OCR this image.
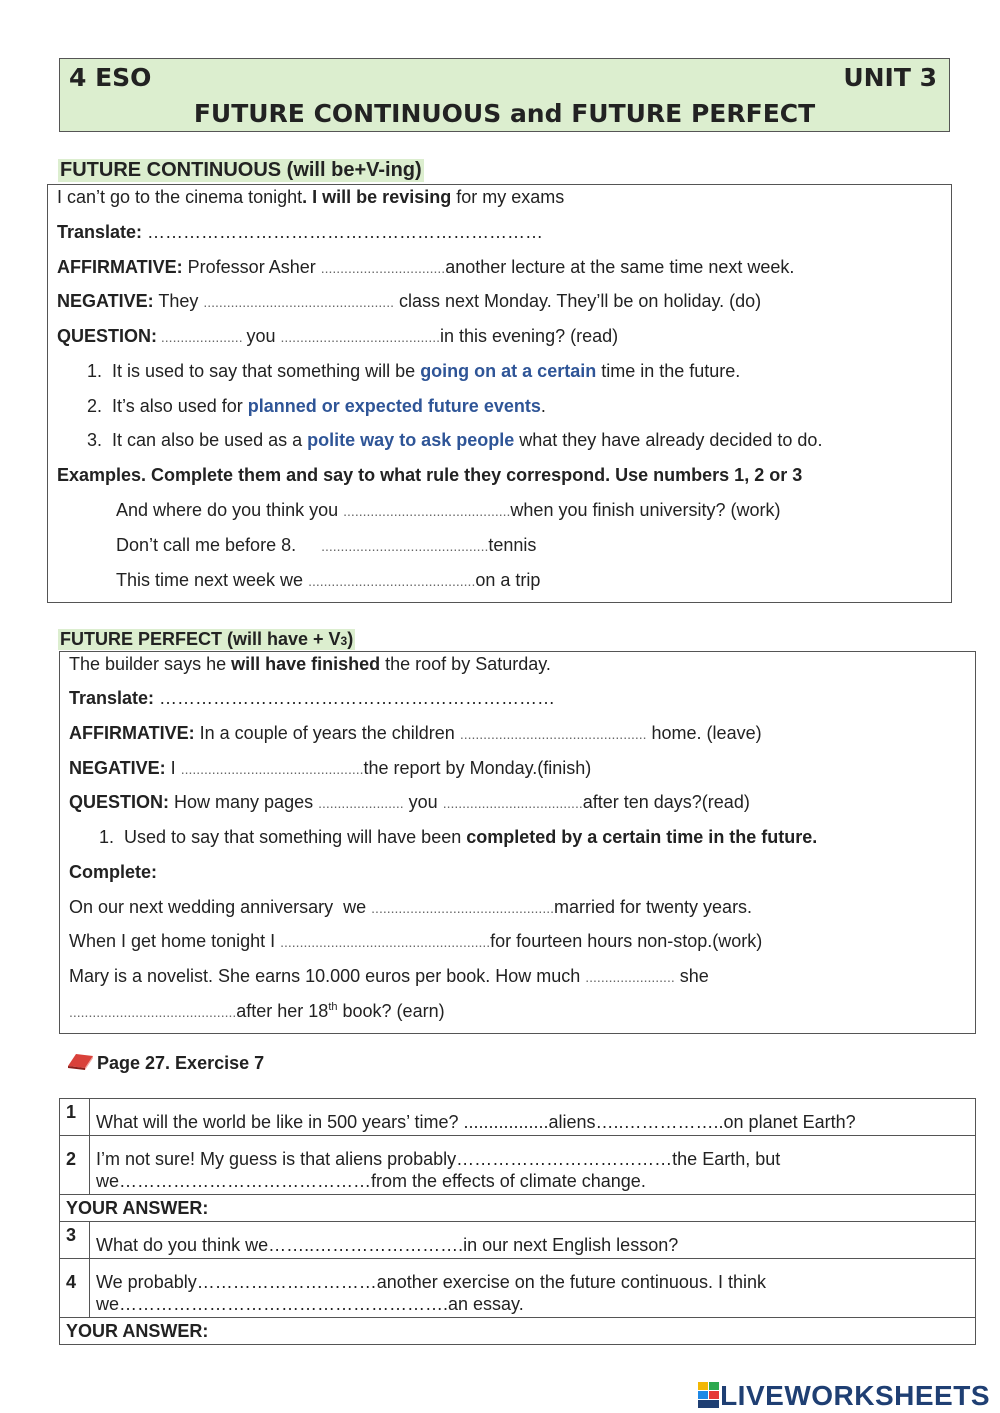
4 ESO	UNIT 3
FUTURE CONTINUOUS and FUTURE PERFECT
FUTURE CONTINUOUS (will be+V-ing)
I can’t go to the cinema tonight. I will be revising for my exams
Translate: …………………………………………………………
AFFIRMATIVE: Professor Asher ................................another lecture at the same time next week.
NEGATIVE: They ................................................. class next Monday. They’ll be on holiday. (do)
QUESTION: ..................... you .........................................in this evening? (read)
1. It is used to say that something will be going on at a certain time in the future.
2. It’s also used for planned or expected future events.
3. It can also be used as a polite way to ask people what they have already decided to do.
Examples. Complete them and say to what rule they correspond. Use numbers 1, 2 or 3
And where do you think you ...........................................when you finish university? (work)
Don’t call me before 8.     ...........................................tennis
This time next week we ...........................................on a trip
FUTURE PERFECT (will have + V3)
The builder says he will have finished the roof by Saturday.
Translate: …………………………………………………………
AFFIRMATIVE: In a couple of years the children ................................................ home. (leave)
NEGATIVE: I ...............................................the report by Monday.(finish)
QUESTION: How many pages ...................... you ....................................after ten days?(read)
1. Used to say that something will have been completed by a certain time in the future.
Complete:
On our next wedding anniversary  we ...............................................married for twenty years.
When I get home tonight I ......................................................for fourteen hours non-stop.(work)
Mary is a novelist. She earns 10.000 euros per book. How much ....................... she
...........................................after her 18th book? (earn)
Page 27. Exercise 7
1	What will the world be like in 500 years’ time? .................aliens…..……………..on planet Earth?
2	I’m not sure! My guess is that aliens probably………………………………the Earth, but we……………………………………from the effects of climate change.
YOUR ANSWER:	
3	What do you think we……..…………………….in our next English lesson?
4	We probably…………………………another exercise on the future continuous. I think we……………………………………………….an essay.
YOUR ANSWER:	
LIVEWORKSHEETS
